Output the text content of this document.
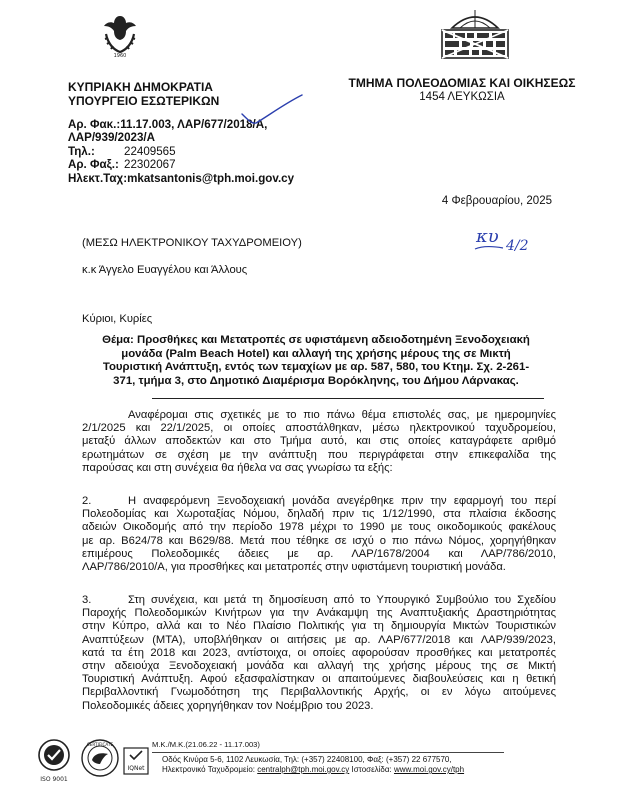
1960
ΚΥΠΡΙΑΚΗ ΔΗΜΟΚΡΑΤΙΑ
ΥΠΟΥΡΓΕΙΟ ΕΣΩΤΕΡΙΚΩΝ
ΤΜΗΜΑ ΠΟΛΕΟΔΟΜΙΑΣ ΚΑΙ ΟΙΚΗΣΕΩΣ
1454 ΛΕΥΚΩΣΙΑ
Αρ. Φακ.:11.17.003, ΛΑΡ/677/2018/Α,
ΛΑΡ/939/2023/Α
Τηλ.:	22409565
Αρ. Φαξ.: 22302067
Ηλεκτ.Ταχ:mkatsantonis@tph.moi.gov.cy
4 Φεβρουαρίου, 2025
(ΜΕΣΩ ΗΛΕΚΤΡΟΝΙΚΟΥ ΤΑΧΥΔΡΟΜΕΙΟΥ)	κυ 4/2
κ.κ Άγγελο Ευαγγέλου και Άλλους
Κύριοι, Κυρίες
Θέμα: Προσθήκες και Μετατροπές σε υφιστάμενη αδειοδοτημένη Ξενοδοχειακή
μονάδα (Palm Beach Hotel) και αλλαγή της χρήσης μέρους της σε Μικτή
Τουριστική Ανάπτυξη, εντός των τεμαχίων με αρ. 587, 580, του Κτημ. Σχ. 2-261-
371, τμήμα 3, στο Δημοτικό Διαμέρισμα Βορόκληνης, του Δήμου Λάρνακας.
Αναφέρομαι στις σχετικές με το πιο πάνω θέμα επιστολές σας, με ημερομηνίες
2/1/2025 και 22/1/2025, οι οποίες αποστάλθηκαν, μέσω ηλεκτρονικού ταχυδρομείου,
μεταξύ άλλων αποδεκτών και στο Τμήμα αυτό, και στις οποίες καταγράφετε αριθμό
ερωτημάτων σε σχέση με την ανάπτυξη που περιγράφεται στην επικεφαλίδα της
παρούσας και στη συνέχεια θα ήθελα να σας γνωρίσω τα εξής:
2.	Η αναφερόμενη Ξενοδοχειακή μονάδα ανεγέρθηκε πριν την εφαρμογή του περί
Πολεοδομίας και Χωροταξίας Νόμου, δηλαδή πριν τις 1/12/1990, στα πλαίσια έκδοσης
αδειών Οικοδομής από την περίοδο 1978 μέχρι το 1990 με τους οικοδομικούς φακέλους
με αρ. Β624/78 και Β629/88. Μετά που τέθηκε σε ισχύ ο πιο πάνω Νόμος, χορηγήθηκαν
επιμέρους Πολεοδομικές άδειες με αρ. ΛΑΡ/1678/2004 και ΛΑΡ/786/2010,
ΛΑΡ/786/2010/Α, για προσθήκες και μετατροπές στην υφιστάμενη τουριστική μονάδα.
3.	Στη συνέχεια, και μετά τη δημοσίευση από το Υπουργικό Συμβούλιο του Σχεδίου
Παροχής Πολεοδομικών Κινήτρων για την Ανάκαμψη της Αναπτυξιακής Δραστηριότητας
στην Κύπρο, αλλά και το Νέο Πλαίσιο Πολιτικής για τη δημιουργία Μικτών Τουριστικών
Αναπτύξεων (ΜΤΑ), υποβλήθηκαν οι αιτήσεις με αρ. ΛΑΡ/677/2018 και ΛΑΡ/939/2023,
κατά τα έτη 2018 και 2023, αντίστοιχα, οι οποίες αφορούσαν προσθήκες και μετατροπές
στην αδειούχα Ξενοδοχειακή μονάδα και αλλαγή της χρήσης μέρους της σε Μικτή
Τουριστική Ανάπτυξη. Αφού εξασφαλίστηκαν οι απαιτούμενες διαβουλεύσεις και η θετική
Περιβαλλοντική Γνωμοδότηση της Περιβαλλοντικής Αρχής, οι εν λόγω αιτούμενες
Πολεοδομικές άδειες χορηγήθηκαν τον Νοέμβριο του 2023.
ISO 9001
CERTIFICATE
IQNet
Μ.Κ./Μ.Κ.(21.06.22 - 11.17.003)
Οδός Κινύρα 5-6, 1102 Λευκωσία, Τηλ: (+357) 22408100, Φαξ: (+357) 22 677570,
Ηλεκτρονικό Ταχυδρομείο: centralph@tph.moi.gov.cy Ιστοσελίδα: www.moi.gov.cy/tph
